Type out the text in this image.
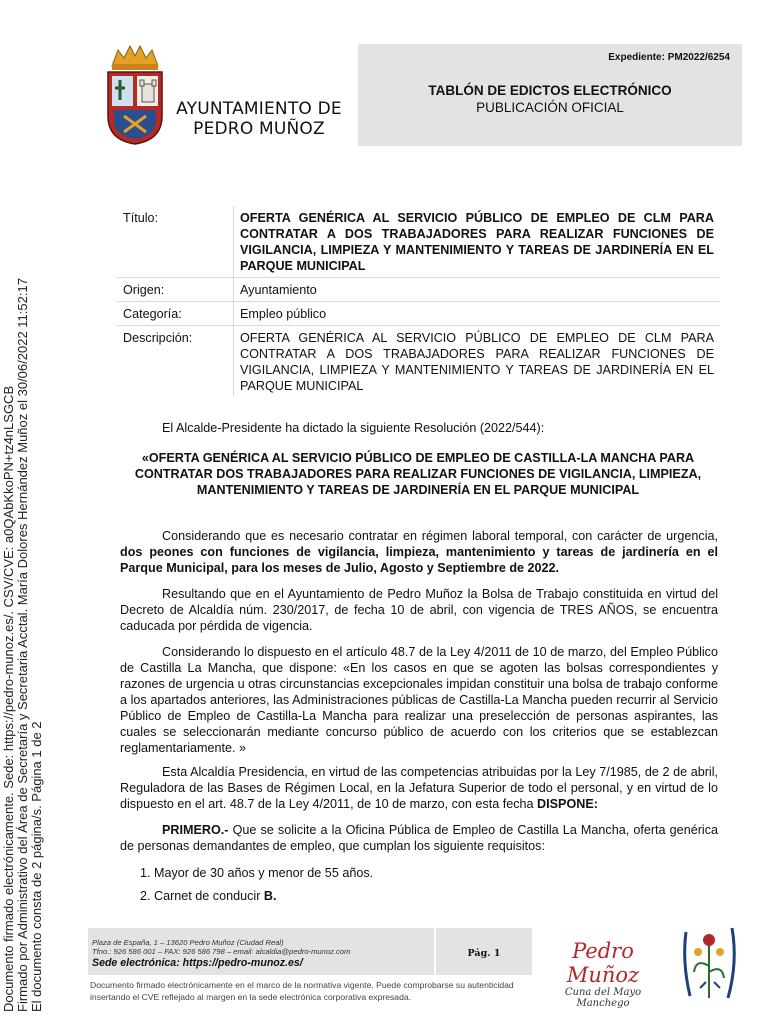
Documento firmado electrónicamente. Sede: https://pedro-munoz.es/. CSV/CVE: a0QAbKkoPN+tz4nLSGCB Firmado por Administrativo del Área de Secretaría y Secretaria Acctal. María Dolores Hernández Muñoz el 30/06/2022 11:52:17 El documento consta de 2 página/s. Página 1 de 2
AYUNTAMIENTO DE
PEDRO MUÑOZ
Expediente: PM2022/6254
TABLÓN DE EDICTOS ELECTRÓNICO
PUBLICACIÓN OFICIAL
Título:	OFERTA GENÉRICA AL SERVICIO PÚBLICO DE EMPLEO DE CLM PARA CONTRATAR A DOS TRABAJADORES PARA REALIZAR FUNCIONES DE VIGILANCIA, LIMPIEZA Y MANTENIMIENTO Y TAREAS DE JARDINERÍA EN EL PARQUE MUNICIPAL
Origen:	Ayuntamiento
Categoría:	Empleo público
Descripción:	OFERTA GENÉRICA AL SERVICIO PÚBLICO DE EMPLEO DE CLM PARA CONTRATAR A DOS TRABAJADORES PARA REALIZAR FUNCIONES DE VIGILANCIA, LIMPIEZA Y MANTENIMIENTO Y TAREAS DE JARDINERÍA EN EL PARQUE MUNICIPAL
El Alcalde-Presidente ha dictado la siguiente Resolución (2022/544):
«OFERTA GENÉRICA AL SERVICIO PÚBLICO DE EMPLEO DE CASTILLA-LA MANCHA PARA CONTRATAR DOS TRABAJADORES PARA REALIZAR FUNCIONES DE VIGILANCIA, LIMPIEZA, MANTENIMIENTO Y TAREAS DE JARDINERÍA EN EL PARQUE MUNICIPAL
Considerando que es necesario contratar en régimen laboral temporal, con carácter de urgencia, dos peones con funciones de vigilancia, limpieza, mantenimiento y tareas de jardinería en el Parque Municipal, para los meses de Julio, Agosto y Septiembre de 2022.
Resultando que en el Ayuntamiento de Pedro Muñoz la Bolsa de Trabajo constituida en virtud del Decreto de Alcaldía núm. 230/2017, de fecha 10 de abril, con vigencia de TRES AÑOS, se encuentra caducada por pérdida de vigencia.
Considerando lo dispuesto en el artículo 48.7 de la Ley 4/2011 de 10 de marzo, del Empleo Público de Castilla La Mancha, que dispone: «En los casos en que se agoten las bolsas correspondientes y razones de urgencia u otras circunstancias excepcionales impidan constituir una bolsa de trabajo conforme a los apartados anteriores, las Administraciones públicas de Castilla-La Mancha pueden recurrir al Servicio Público de Empleo de Castilla-La Mancha para realizar una preselección de personas aspirantes, las cuales se seleccionarán mediante concurso público de acuerdo con los criterios que se establezcan reglamentariamente. »
Esta Alcaldía Presidencia, en virtud de las competencias atribuidas por la Ley 7/1985, de 2 de abril, Reguladora de las Bases de Régimen Local, en la Jefatura Superior de todo el personal, y en virtud de lo dispuesto en el art. 48.7 de la Ley 4/2011, de 10 de marzo, con esta fecha DISPONE:
PRIMERO.- Que se solicite a la Oficina Pública de Empleo de Castilla La Mancha, oferta genérica de personas demandantes de empleo, que cumplan los siguiente requisitos:
1. Mayor de 30 años y menor de 55 años.
2. Carnet de conducir B.
Plaza de España, 1 – 13620 Pedro Muñoz (Ciudad Real)
Tfno.: 926 586 001 – FAX: 926 586 798 – email: alcaldia@pedro-munoz.com
Sede electrónica: https://pedro-munoz.es/
Pág. 1
Documento firmado electrónicamente en el marco de la normativa vigente. Puede comprobarse su autenticidad insertando el CVE reflejado al margen en la sede electrónica corporativa expresada.
Pedro Muñoz
Cuna del Mayo Manchego
